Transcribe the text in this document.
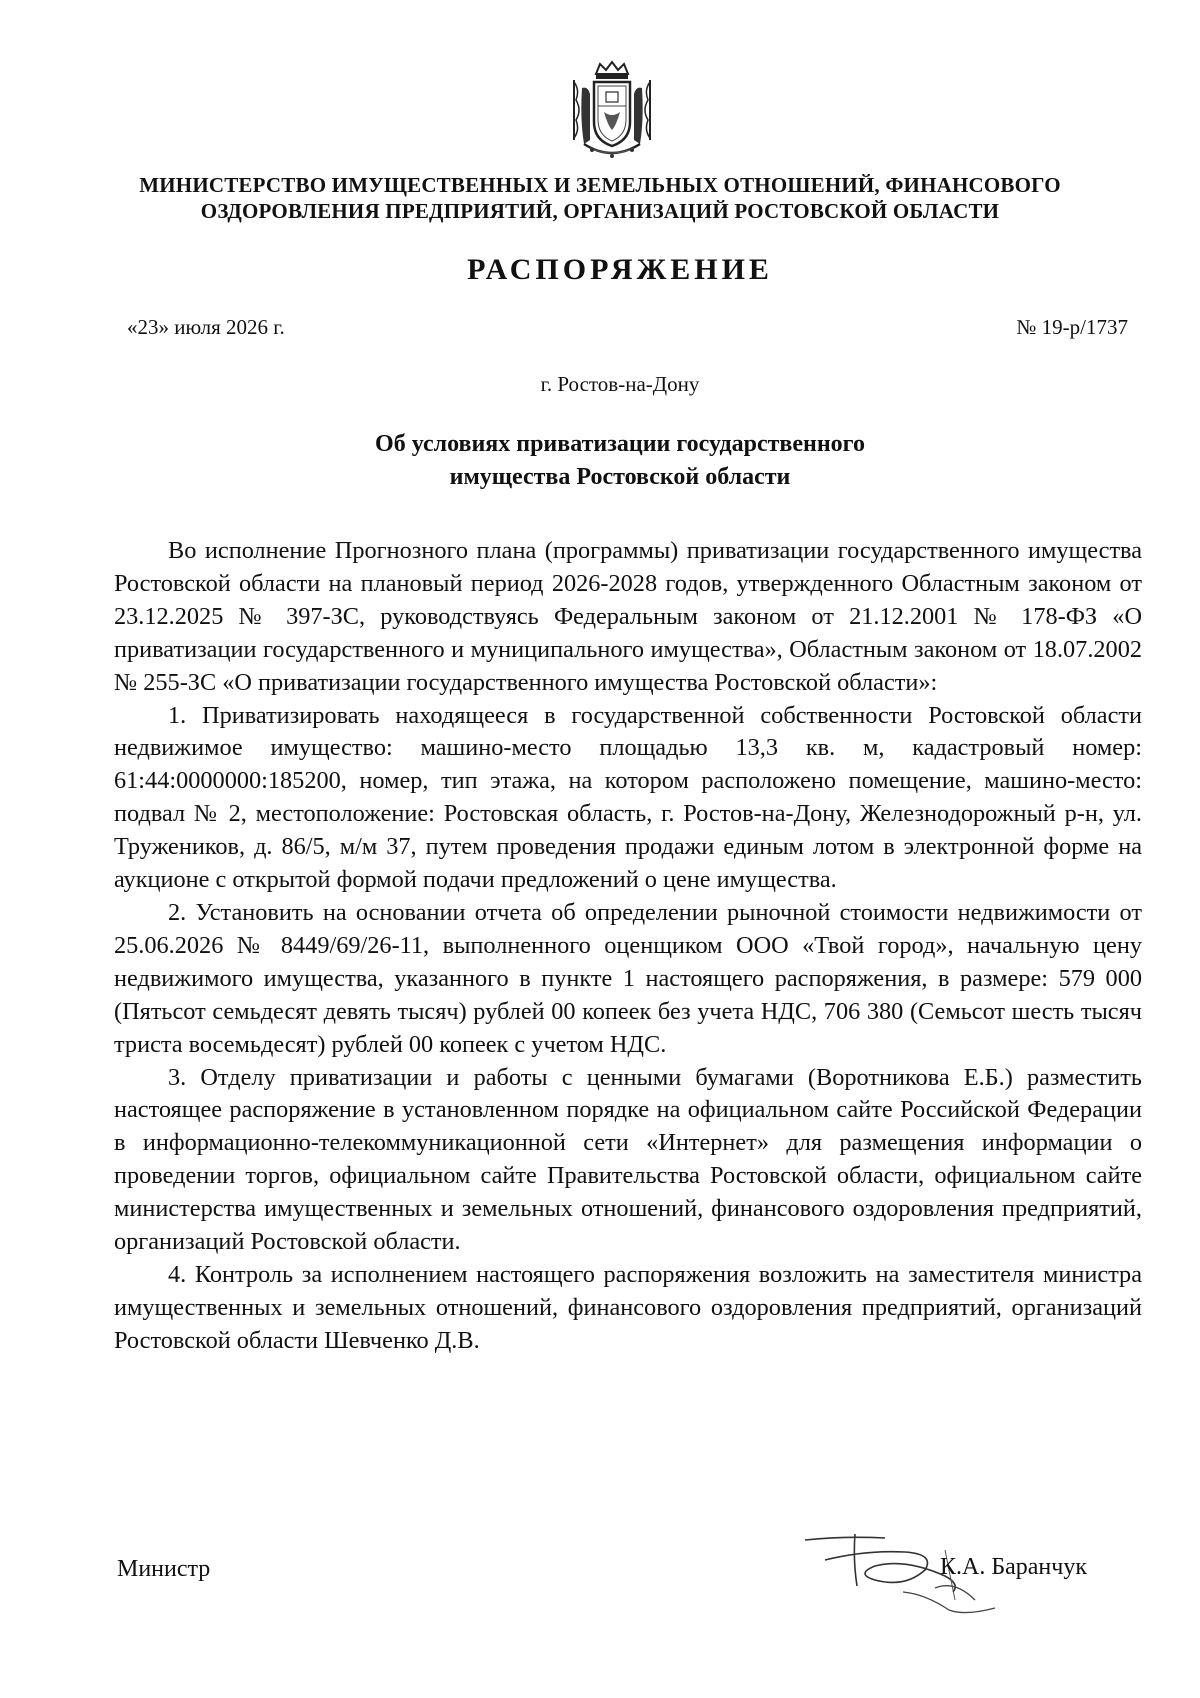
МИНИСТЕРСТВО ИМУЩЕСТВЕННЫХ И ЗЕМЕЛЬНЫХ ОТНОШЕНИЙ, ФИНАНСОВОГО
ОЗДОРОВЛЕНИЯ ПРЕДПРИЯТИЙ, ОРГАНИЗАЦИЙ РОСТОВСКОЙ ОБЛАСТИ
РАСПОРЯЖЕНИЕ
«23» июля 2026 г.	№ 19-р/1737
г. Ростов-на-Дону
Об условиях приватизации государственного
имущества Ростовской области

Во исполнение Прогнозного плана (программы) приватизации государственного имущества Ростовской области на плановый период 2026-2028 годов, утвержденного Областным законом от 23.12.2025 № 397-ЗС, руководствуясь Федеральным законом от 21.12.2001 № 178-ФЗ «О приватизации государственного и муниципального имущества», Областным законом от 18.07.2002 № 255-ЗС «О приватизации государственного имущества Ростовской области»:

1. Приватизировать находящееся в государственной собственности Ростовской области недвижимое имущество: машино-место площадью 13,3 кв. м, кадастровый номер: 61:44:0000000:185200, номер, тип этажа, на котором расположено помещение, машино-место: подвал № 2, местоположение: Ростовская область, г. Ростов-на-Дону, Железнодорожный р-н, ул. Тружеников, д. 86/5, м/м 37, путем проведения продажи единым лотом в электронной форме на аукционе с открытой формой подачи предложений о цене имущества.

2. Установить на основании отчета об определении рыночной стоимости недвижимости от 25.06.2026 № 8449/69/26-11, выполненного оценщиком ООО «Твой город», начальную цену недвижимого имущества, указанного в пункте 1 настоящего распоряжения, в размере: 579 000 (Пятьсот семьдесят девять тысяч) рублей 00 копеек без учета НДС, 706 380 (Семьсот шесть тысяч триста восемьдесят) рублей 00 копеек с учетом НДС.

3. Отделу приватизации и работы с ценными бумагами (Воротникова Е.Б.) разместить настоящее распоряжение в установленном порядке на официальном сайте Российской Федерации в информационно-телекоммуникационной сети «Интернет» для размещения информации о проведении торгов, официальном сайте Правительства Ростовской области, официальном сайте министерства имущественных и земельных отношений, финансового оздоровления предприятий, организаций Ростовской области.

4. Контроль за исполнением настоящего распоряжения возложить на заместителя министра имущественных и земельных отношений, финансового оздоровления предприятий, организаций Ростовской области Шевченко Д.В.

Министр	К.А. Баранчук
